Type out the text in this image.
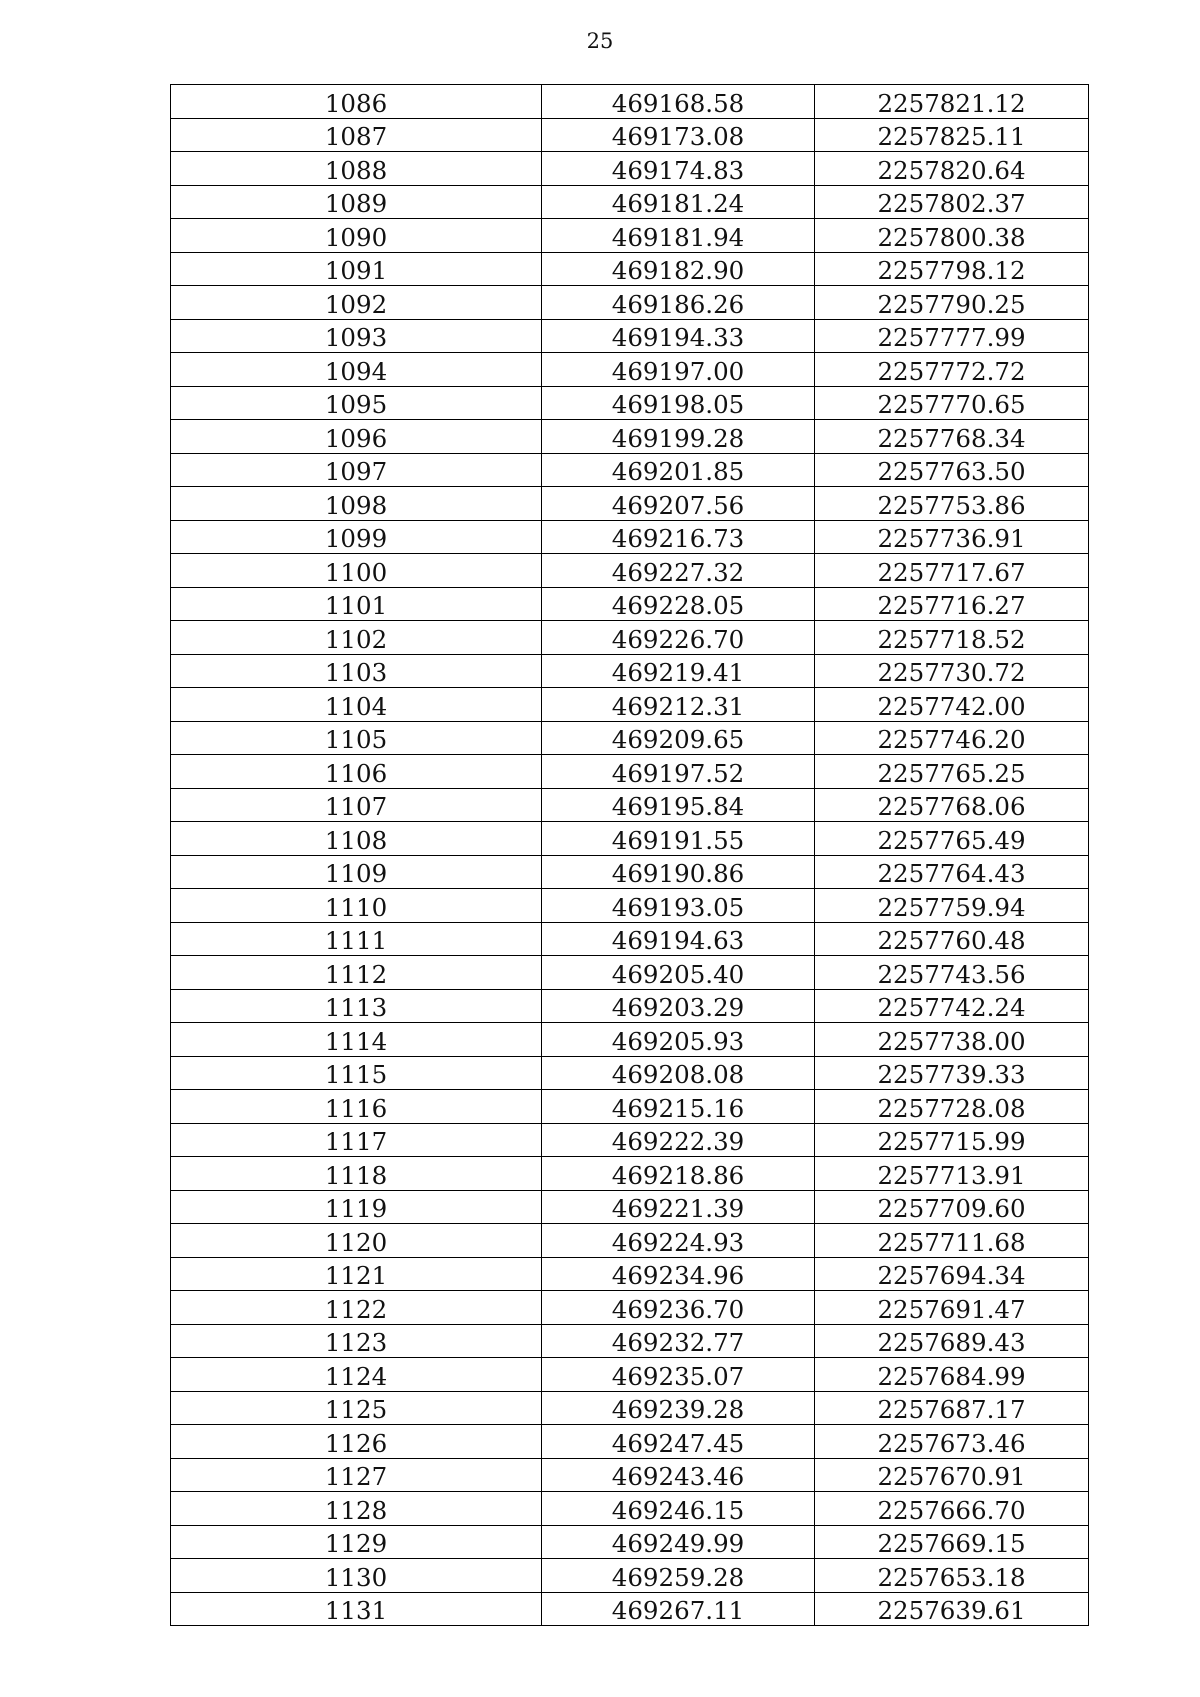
25
1086	469168.58	2257821.12
1087	469173.08	2257825.11
1088	469174.83	2257820.64
1089	469181.24	2257802.37
1090	469181.94	2257800.38
1091	469182.90	2257798.12
1092	469186.26	2257790.25
1093	469194.33	2257777.99
1094	469197.00	2257772.72
1095	469198.05	2257770.65
1096	469199.28	2257768.34
1097	469201.85	2257763.50
1098	469207.56	2257753.86
1099	469216.73	2257736.91
1100	469227.32	2257717.67
1101	469228.05	2257716.27
1102	469226.70	2257718.52
1103	469219.41	2257730.72
1104	469212.31	2257742.00
1105	469209.65	2257746.20
1106	469197.52	2257765.25
1107	469195.84	2257768.06
1108	469191.55	2257765.49
1109	469190.86	2257764.43
1110	469193.05	2257759.94
1111	469194.63	2257760.48
1112	469205.40	2257743.56
1113	469203.29	2257742.24
1114	469205.93	2257738.00
1115	469208.08	2257739.33
1116	469215.16	2257728.08
1117	469222.39	2257715.99
1118	469218.86	2257713.91
1119	469221.39	2257709.60
1120	469224.93	2257711.68
1121	469234.96	2257694.34
1122	469236.70	2257691.47
1123	469232.77	2257689.43
1124	469235.07	2257684.99
1125	469239.28	2257687.17
1126	469247.45	2257673.46
1127	469243.46	2257670.91
1128	469246.15	2257666.70
1129	469249.99	2257669.15
1130	469259.28	2257653.18
1131	469267.11	2257639.61
